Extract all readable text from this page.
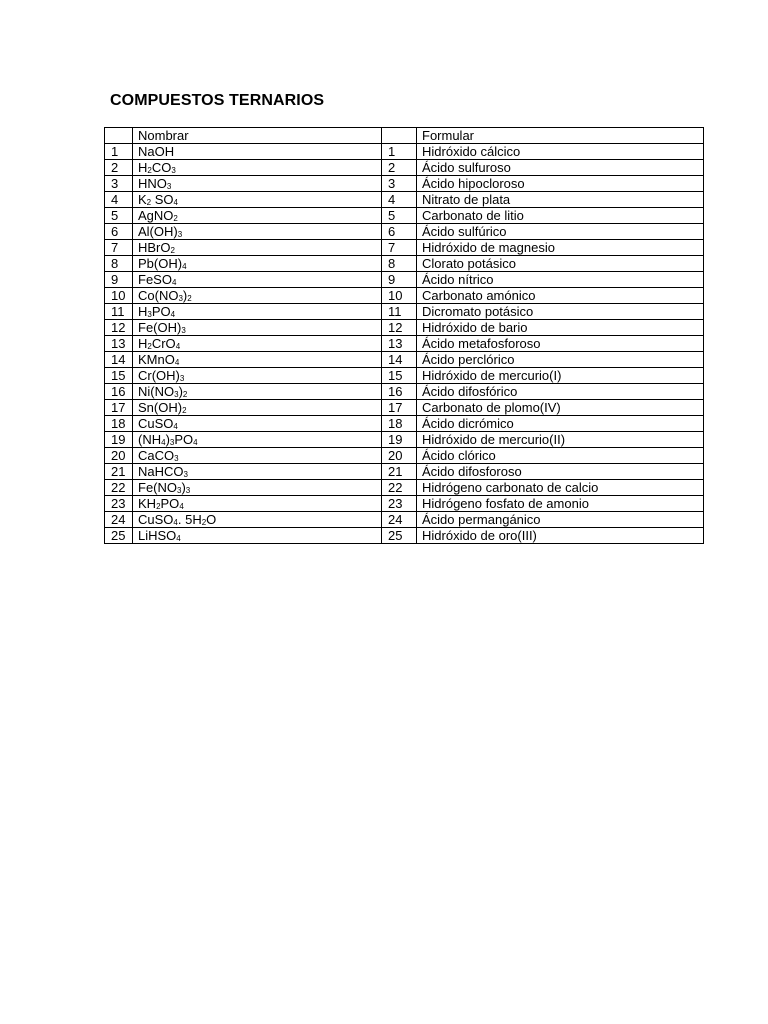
COMPUESTOS TERNARIOS
	Nombrar		Formular
1	NaOH	1	Hidróxido cálcico
2	$H_2CO_3$	2	Ácido sulfuroso
3	$HNO_3$	3	Ácido hipocloroso
4	$K_2$ $SO_4$	4	Nitrato de plata
5	AgNO$_2$	5	Carbonato de litio
6	$Al(OH)_3$	6	Ácido sulfúrico
7	HBrO$_2$	7	Hidróxido de magnesio
8	$Pb(OH)_4$	8	Clorato potásico
9	FeSO$_4$	9	Ácido nítrico
10	$Co(NO_3)_2$	10	Carbonato amónico
11	$H_3PO_4$	11	Dicromato potásico
12	$Fe(OH)_3$	12	Hidróxido de bario
13	$H_2CrO_4$	13	Ácido metafosforoso
14	KMnO$_4$	14	Ácido perclórico
15	$Cr(OH)_3$	15	Hidróxido de mercurio(I)
16	$Ni(NO_3)_2$	16	Ácido difosfórico
17	$Sn(OH)_2$	17	Carbonato de plomo(IV)
18	CuSO$_4$	18	Ácido dicrómico
19	$(NH_4)_3PO_4$	19	Hidróxido de mercurio(II)
20	CaCO$_3$	20	Ácido clórico
21	NaHCO$_3$	21	Ácido difosforoso
22	$Fe(NO_3)_3$	22	Hidrógeno carbonato de calcio
23	$KH_2PO_4$	23	Hidrógeno fosfato de amonio
24	CuSO$_4$. $5H_2O$	24	Ácido permangánico
25	LiHSO$_4$	25	Hidróxido de oro(III)
